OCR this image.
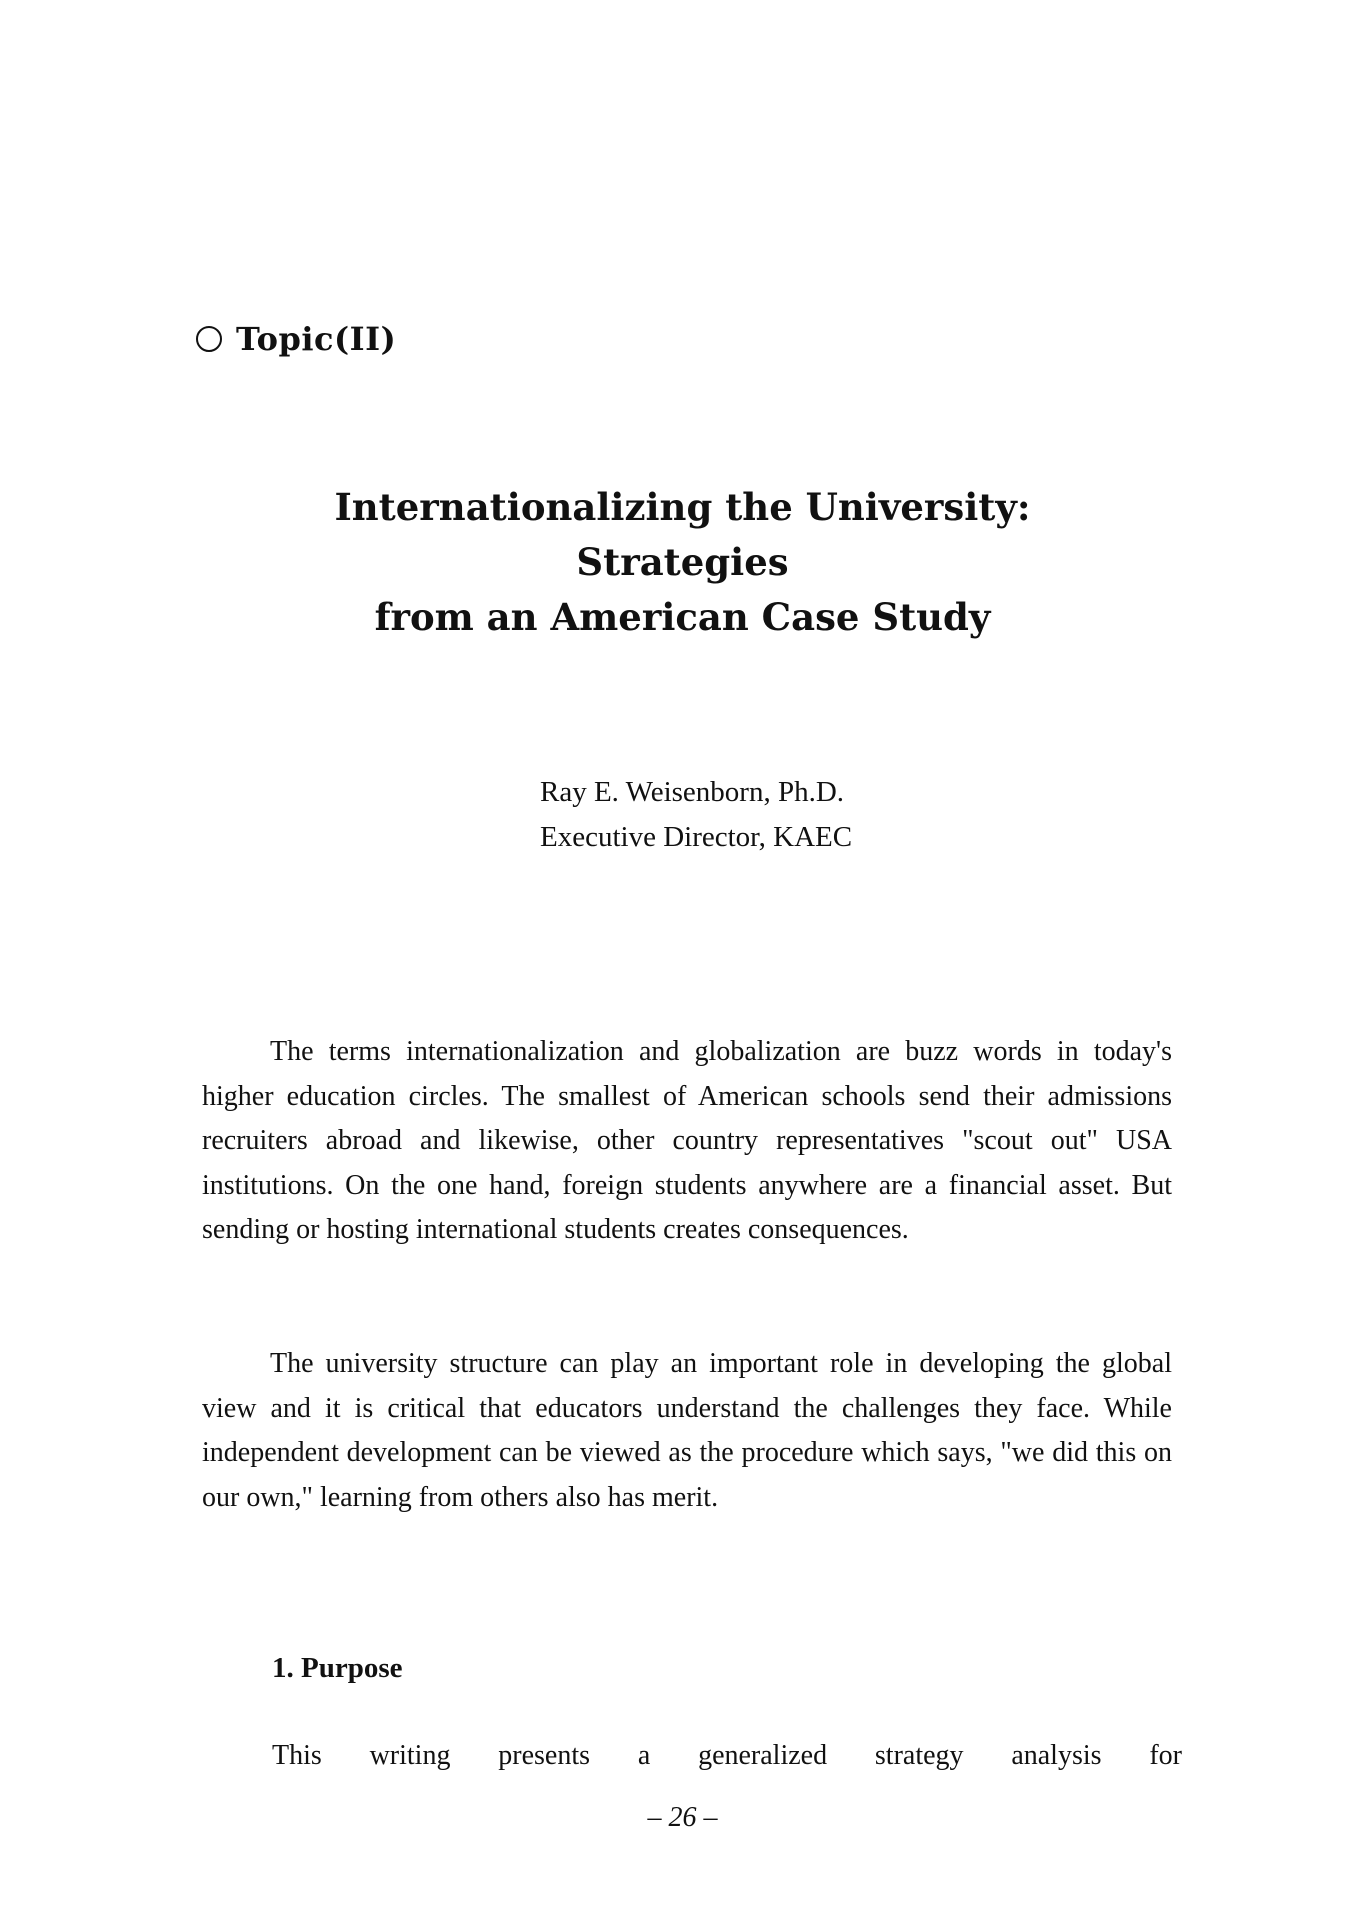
Topic(II)
Internationalizing the University:
Strategies
from an American Case Study
Ray E. Weisenborn, Ph.D.
Executive Director, KAEC

The terms internationalization and globalization are buzz words in today's higher education circles. The smallest of American schools send their admissions recruiters abroad and likewise, other country representatives "scout out" USA institutions. On the one hand, foreign students anywhere are a financial asset. But sending or hosting international students creates consequences.

The university structure can play an important role in developing the global view and it is critical that educators understand the challenges they face. While independent development can be viewed as the procedure which says, "we did this on our own," learning from others also has merit.

1. Purpose
This writing presents a generalized strategy analysis for
– 26 –
